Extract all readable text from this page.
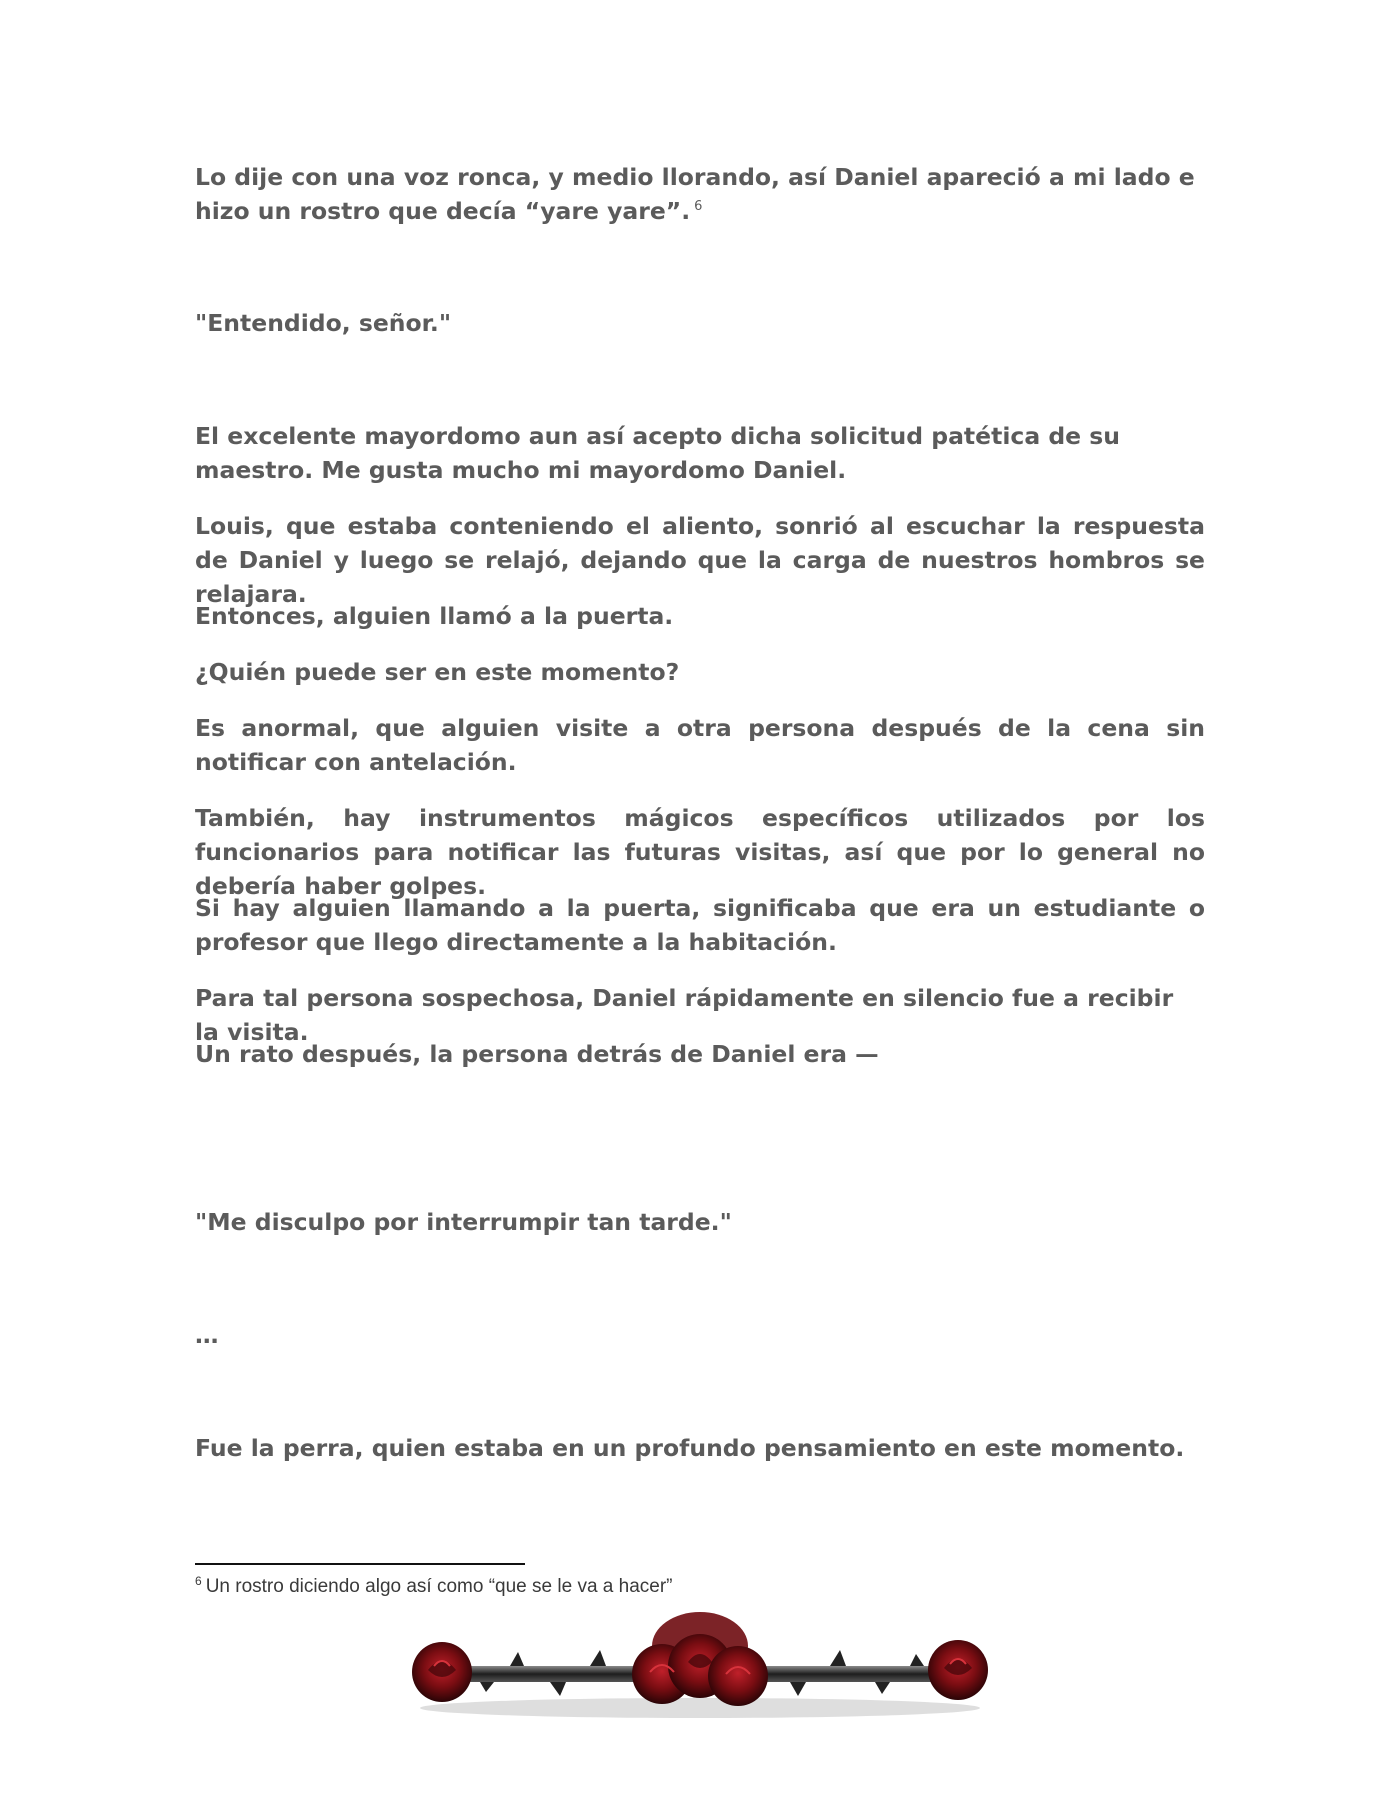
Lo dije con una voz ronca, y medio llorando, así Daniel apareció a mi lado e hizo un rostro que decía “yare yare”. $^6$

"Entendido, señor."

El excelente mayordomo aun así acepto dicha solicitud patética de su maestro. Me gusta mucho mi mayordomo Daniel.

Louis, que estaba conteniendo el aliento, sonrió al escuchar la respuesta de Daniel y luego se relajó, dejando que la carga de nuestros hombros se relajara.

Entonces, alguien llamó a la puerta.

¿Quién puede ser en este momento?

Es anormal, que alguien visite a otra persona después de la cena sin notificar con antelación.

También, hay instrumentos mágicos específicos utilizados por los funcionarios para notificar las futuras visitas, así que por lo general no debería haber golpes.

Si hay alguien llamando a la puerta, significaba que era un estudiante o profesor que llego directamente a la habitación.

Para tal persona sospechosa, Daniel rápidamente en silencio fue a recibir la visita.

Un rato después, la persona detrás de Daniel era —

"Me disculpo por interrumpir tan tarde."

…

Fue la perra, quien estaba en un profundo pensamiento en este momento.

$^6$ Un rostro diciendo algo así como “que se le va a hacer”
